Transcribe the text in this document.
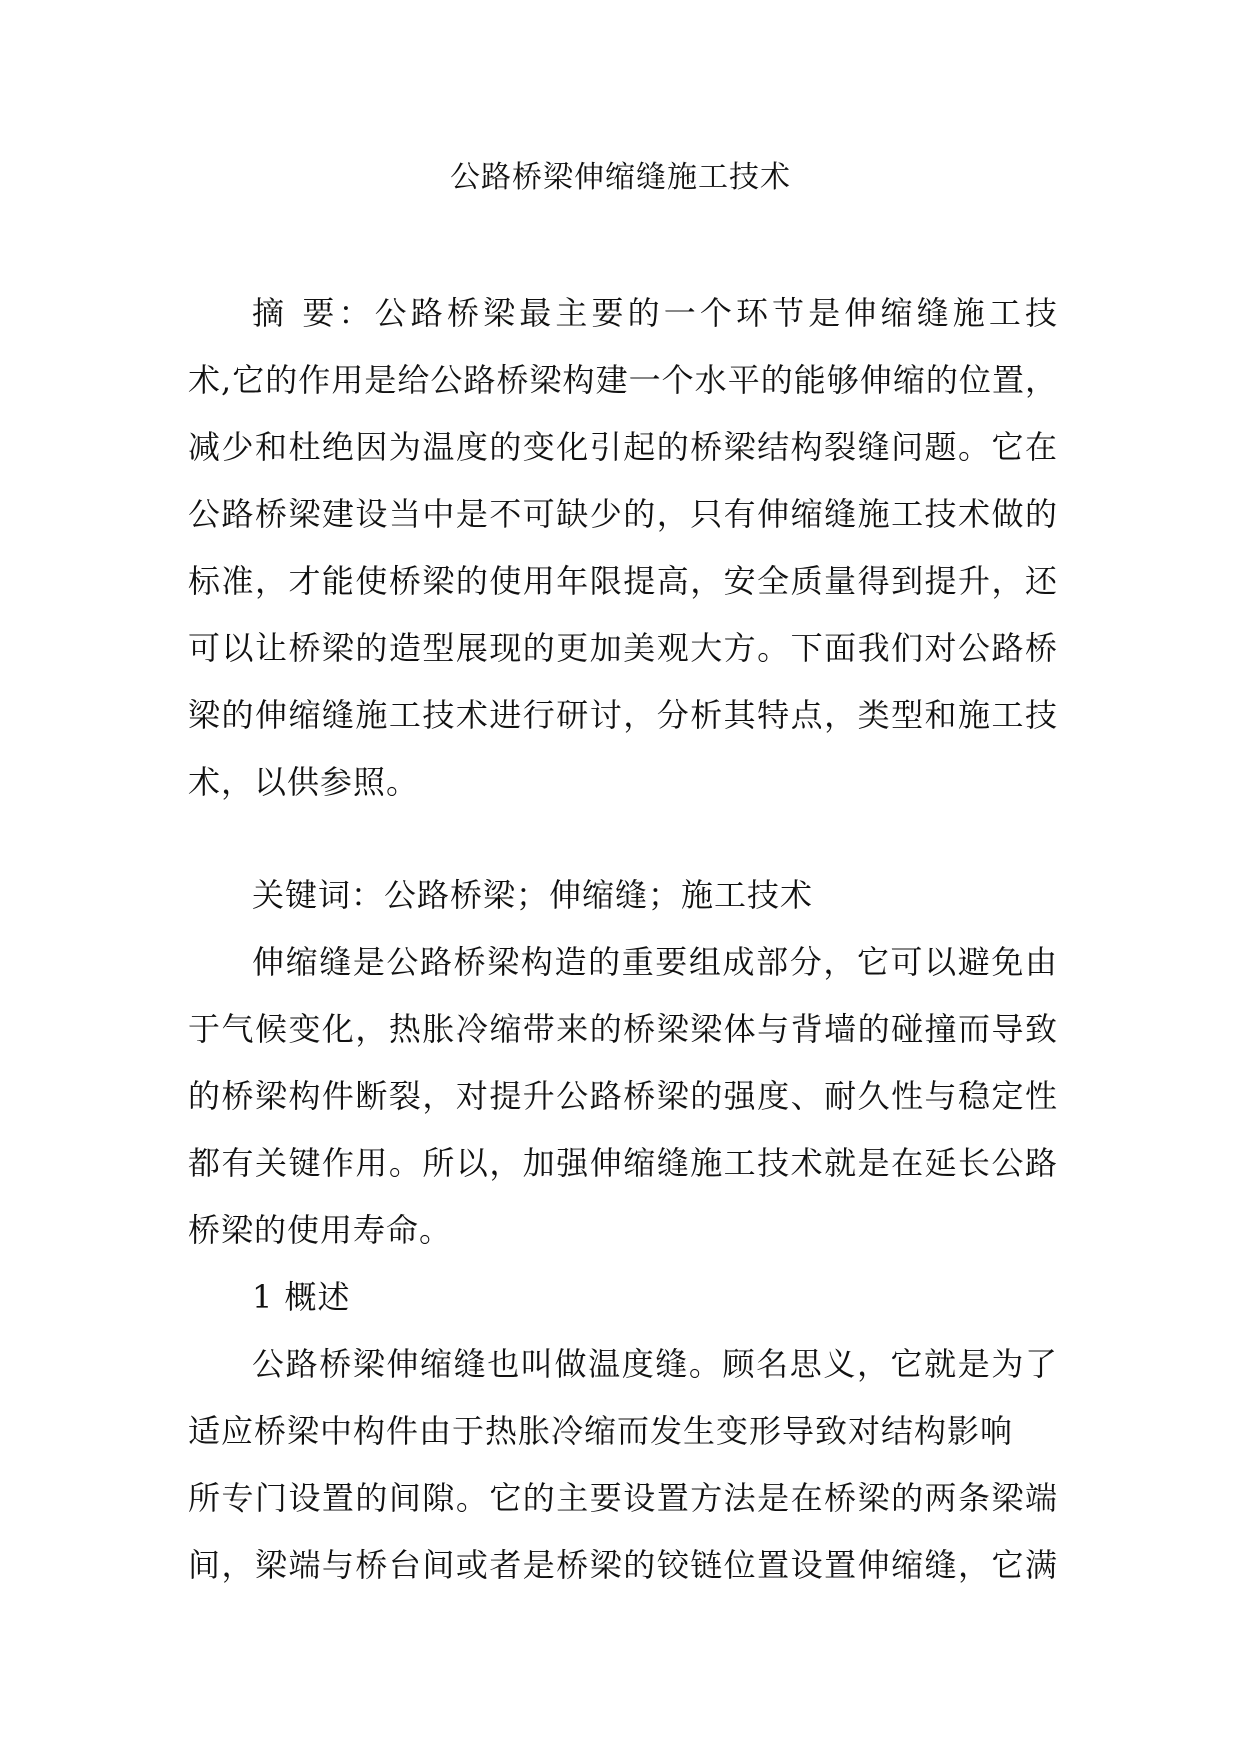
公路桥梁伸缩缝施工技术
摘 要：公路桥梁最主要的一个环节是伸缩缝施工技
术,它的作用是给公路桥梁构建一个水平的能够伸缩的位置，
减少和杜绝因为温度的变化引起的桥梁结构裂缝问题。它在
公路桥梁建设当中是不可缺少的，只有伸缩缝施工技术做的
标准，才能使桥梁的使用年限提高，安全质量得到提升，还
可以让桥梁的造型展现的更加美观大方。下面我们对公路桥
梁的伸缩缝施工技术进行研讨，分析其特点，类型和施工技
术，以供参照。
关键词：公路桥梁；伸缩缝；施工技术
伸缩缝是公路桥梁构造的重要组成部分，它可以避免由
于气候变化，热胀冷缩带来的桥梁梁体与背墙的碰撞而导致
的桥梁构件断裂，对提升公路桥梁的强度、耐久性与稳定性
都有关键作用。所以，加强伸缩缝施工技术就是在延长公路
桥梁的使用寿命。
1 概述
公路桥梁伸缩缝也叫做温度缝。顾名思义，它就是为了
适应桥梁中构件由于热胀冷缩而发生变形导致对结构影响
所专门设置的间隙。它的主要设置方法是在桥梁的两条梁端
间，梁端与桥台间或者是桥梁的铰链位置设置伸缩缝，它满
